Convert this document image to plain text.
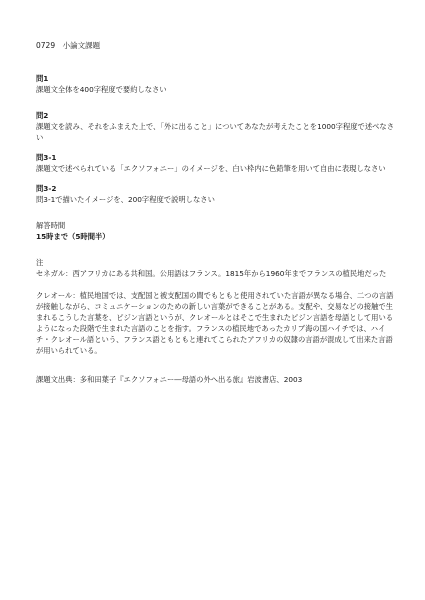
0729　小論文課題

問1

課題文全体を400字程度で要約しなさい

問2

課題文を読み、それをふまえた上で、「外に出ること」についてあなたが考えたことを1000字程度で述べなさい

問3-1

課題文で述べられている「エクソフォニー」のイメージを、白い枠内に色鉛筆を用いて自由に表現しなさい

問3-2

問3-1で描いたイメージを、200字程度で説明しなさい

解答時間

15時まで（5時間半）

注

セネガル：西アフリカにある共和国。公用語はフランス。1815年から1960年までフランスの植民地だった

クレオール：植民地国では、支配国と被支配国の間でもともと使用されていた言語が異なる場合、二つの言語が接触しながら、コミュニケーションのための新しい言葉ができることがある。支配や、交易などの接触で生まれるこうした言葉を、ピジン言語というが、クレオールとはそこで生まれたピジン言語を母語として用いるようになった段階で生まれた言語のことを指す。フランスの植民地であったカリブ海の国ハイチでは、ハイチ・クレオール語という、フランス語ともともと連れてこられたアフリカの奴隷の言語が混成して出来た言語が用いられている。

課題文出典：多和田葉子『エクソフォニー―母語の外へ出る旅』岩波書店、2003
